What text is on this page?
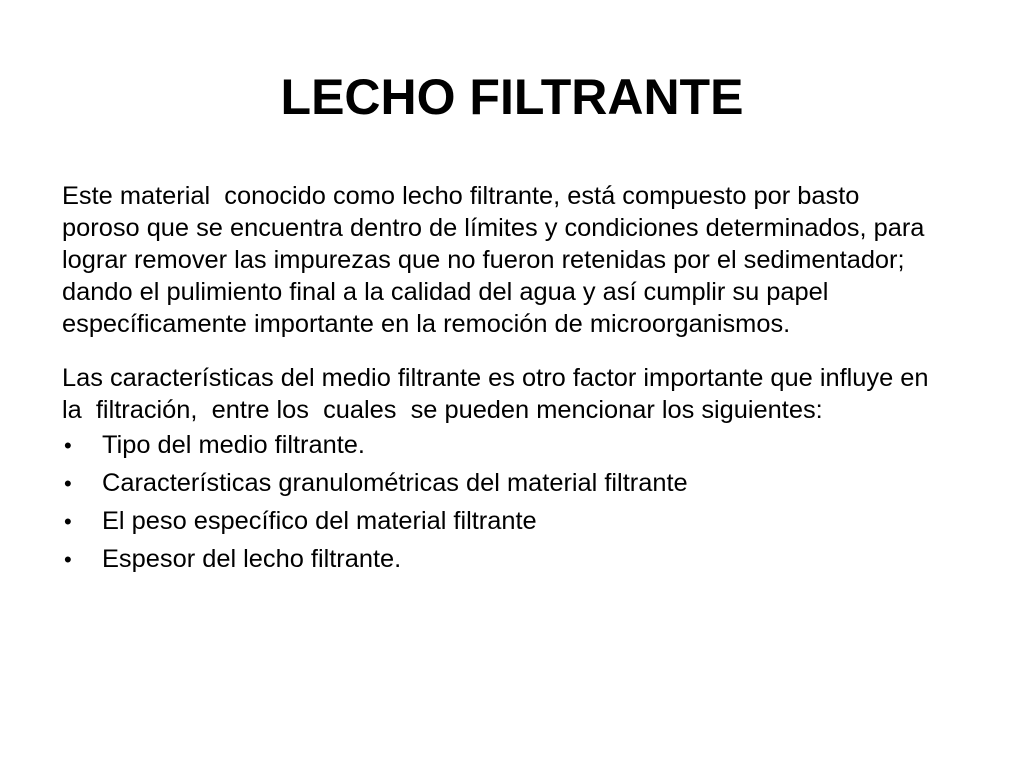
LECHO FILTRANTE

Este material  conocido como lecho filtrante, está compuesto por basto poroso que se encuentra dentro de límites y condiciones determinados, para lograr remover las impurezas que no fueron retenidas por el sedimentador; dando el pulimiento final a la calidad del agua y así cumplir su papel específicamente importante en la remoción de microorganismos.

Las características del medio filtrante es otro factor importante que influye en  la  filtración,  entre los  cuales  se pueden mencionar los siguientes:

•	Tipo del medio filtrante.
•	Características granulométricas del material filtrante
•	El peso específico del material filtrante
•	Espesor del lecho filtrante.
